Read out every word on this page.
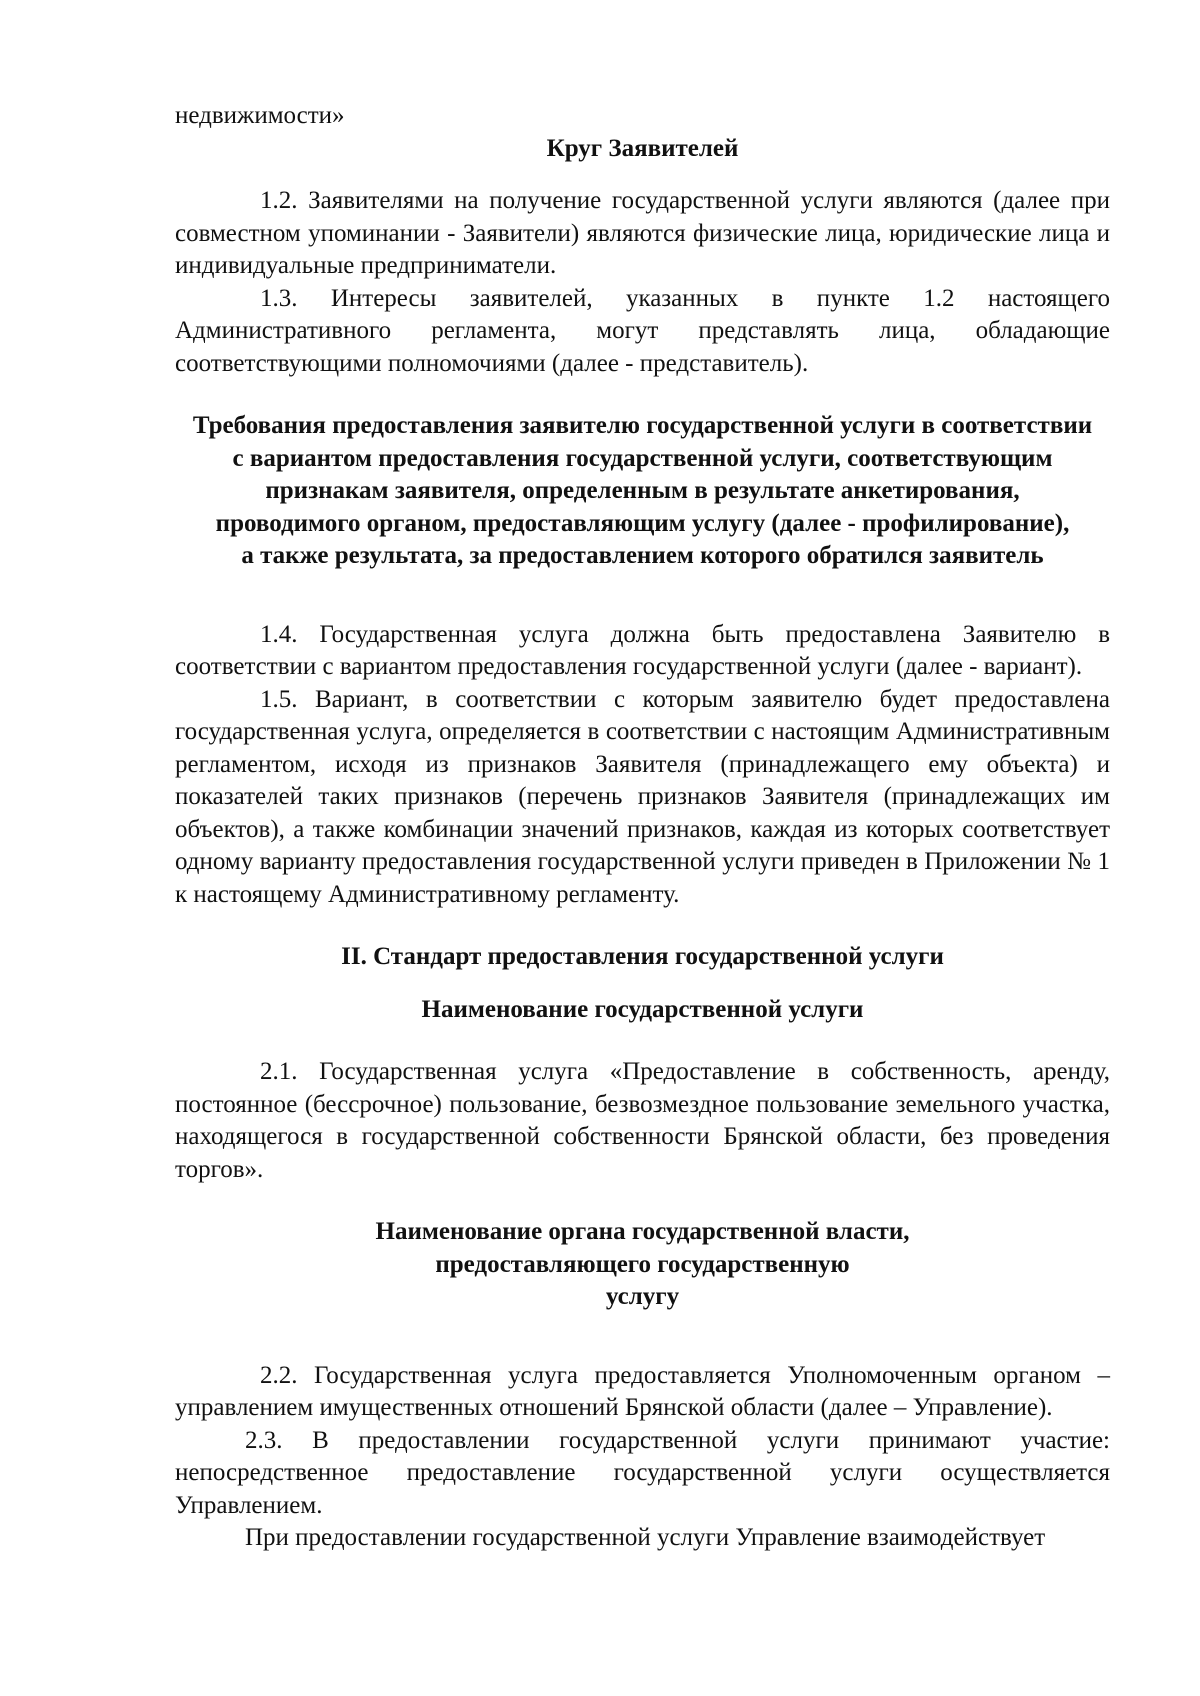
недвижимости»

Круг Заявителей

1.2. Заявителями на получение государственной услуги являются (далее при совместном упоминании - Заявители) являются физические лица, юридические лица и индивидуальные предприниматели.

1.3. Интересы заявителей, указанных в пункте 1.2 настоящего Административного регламента, могут представлять лица, обладающие соответствующими полномочиями (далее - представитель).

Требования предоставления заявителю государственной услуги в соответствии
с вариантом предоставления государственной услуги, соответствующим
признакам заявителя, определенным в результате анкетирования,
проводимого органом, предоставляющим услугу (далее - профилирование),
а также результата, за предоставлением которого обратился заявитель

1.4. Государственная услуга должна быть предоставлена Заявителю в соответствии с вариантом предоставления государственной услуги (далее - вариант).

1.5. Вариант, в соответствии с которым заявителю будет предоставлена государственная услуга, определяется в соответствии с настоящим Административным регламентом, исходя из признаков Заявителя (принадлежащего ему объекта) и показателей таких признаков (перечень признаков Заявителя (принадлежащих им объектов), а также комбинации значений признаков, каждая из которых соответствует одному варианту предоставления государственной услуги приведен в Приложении № 1 к настоящему Административному регламенту.

II. Стандарт предоставления государственной услуги

Наименование государственной услуги

2.1. Государственная услуга «Предоставление в собственность, аренду, постоянное (бессрочное) пользование, безвозмездное пользование земельного участка, находящегося в государственной собственности Брянской области, без проведения торгов».

Наименование органа государственной власти,
предоставляющего государственную
услугу

2.2. Государственная услуга предоставляется Уполномоченным органом – управлением имущественных отношений Брянской области (далее – Управление).

2.3. В предоставлении государственной услуги принимают участие: непосредственное предоставление государственной услуги осуществляется Управлением.

При предоставлении государственной услуги Управление взаимодействует
